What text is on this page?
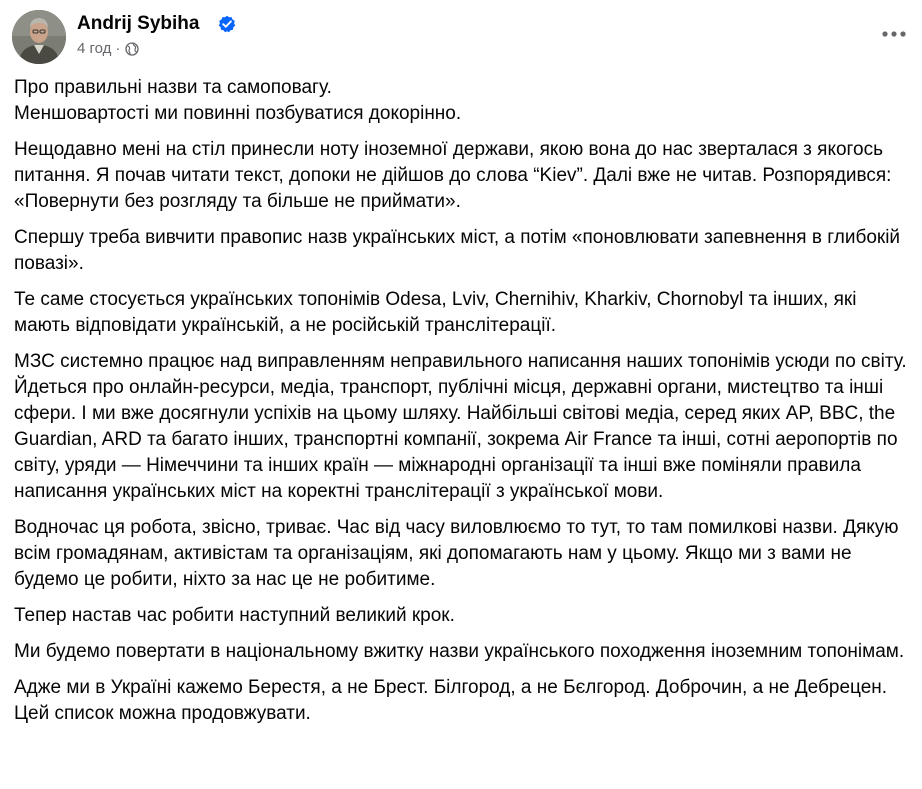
Andrij Sybiha
4 год ·

Про правильні назви та самоповагу.
Меншовартості ми повинні позбуватися докорінно.

Нещодавно мені на стіл принесли ноту іноземної держави, якою вона до нас зверталася з якогось питання. Я почав читати текст, допоки не дійшов до слова “Kiev”. Далі вже не читав. Розпорядився: «Повернути без розгляду та більше не приймати».

Спершу треба вивчити правопис назв українських міст, а потім «поновлювати запевнення в глибокій повазі».

Те саме стосується українських топонімів Odesa, Lviv, Chernihiv, Kharkiv, Chornobyl та інших, які мають відповідати українській, а не російській транслітерації.

МЗС системно працює над виправленням неправильного написання наших топонімів усюди по світу. Йдеться про онлайн-ресурси, медіа, транспорт, публічні місця, державні органи, мистецтво та інші сфери. І ми вже досягнули успіхів на цьому шляху. Найбільші світові медіа, серед яких AP, BBC, the Guardian, ARD та багато інших, транспортні компанії, зокрема Air France та інші, сотні аеропортів по світу, уряди — Німеччини та інших країн — міжнародні організації та інші вже поміняли правила написання українських міст на коректні транслітерації з української мови.

Водночас ця робота, звісно, триває. Час від часу виловлюємо то тут, то там помилкові назви. Дякую всім громадянам, активістам та організаціям, які допомагають нам у цьому. Якщо ми з вами не будемо це робити, ніхто за нас це не робитиме.

Тепер настав час робити наступний великий крок.

Ми будемо повертати в національному вжитку назви українського походження іноземним топонімам.

Адже ми в Україні кажемо Берестя, а не Брест. Білгород, а не Бєлгород. Доброчин, а не Дебрецен. Цей список можна продовжувати.
